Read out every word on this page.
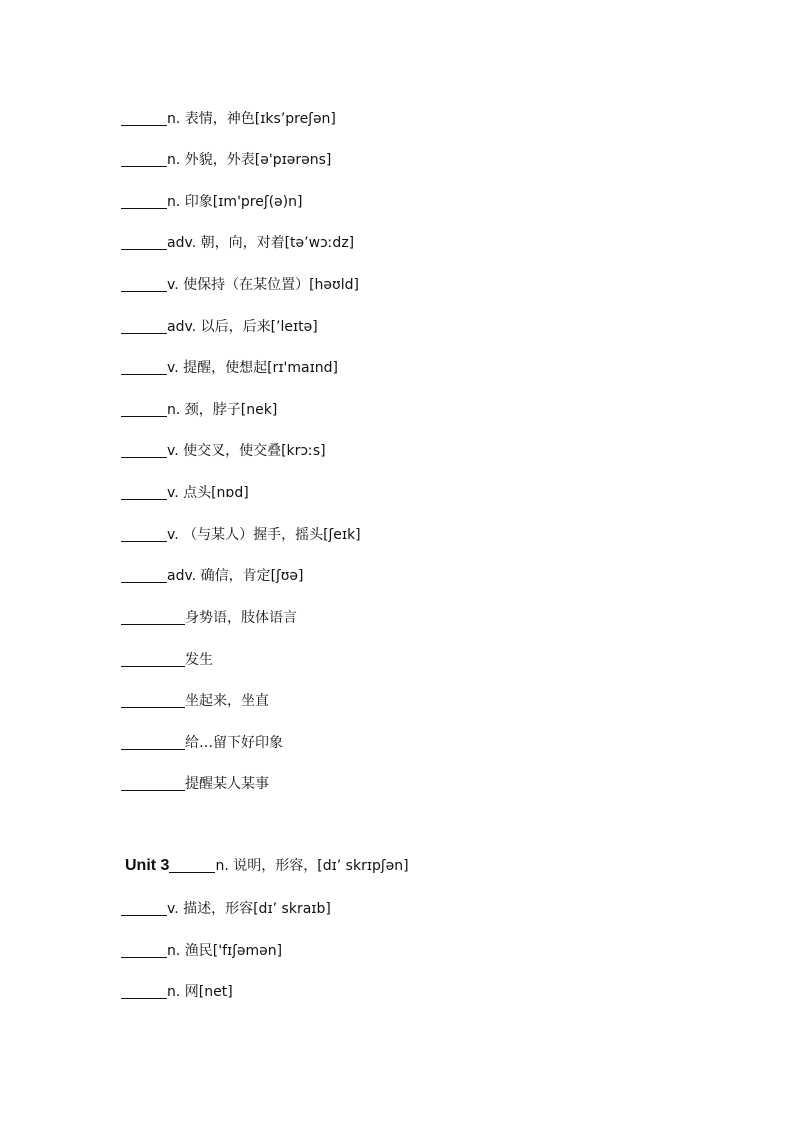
n. 表情，神色[ɪks’preʃən]
n. 外貌，外表[ə'pɪərəns]
n. 印象[ɪm'preʃ(ə)n]
adv. 朝，向，对着[tə’wɔːdz]
v. 使保持（在某位置）[həʊld]
adv. 以后，后来[’leɪtə]
v. 提醒，使想起[rɪ'maɪnd]
n. 颈，脖子[nek]
v. 使交叉，使交叠[krɔːs]
v. 点头[nɒd]
v. （与某人）握手，摇头[ʃeɪk]
adv. 确信，肯定[ʃʊə]
身势语，肢体语言
发生
坐起来，坐直
给…留下好印象
提醒某人某事
Unit 3	n. 说明，形容，[dɪ’ skrɪpʃən]
v. 描述，形容[dɪ’ skraɪb]
n. 渔民['fɪʃəmən]
n. 网[net]
